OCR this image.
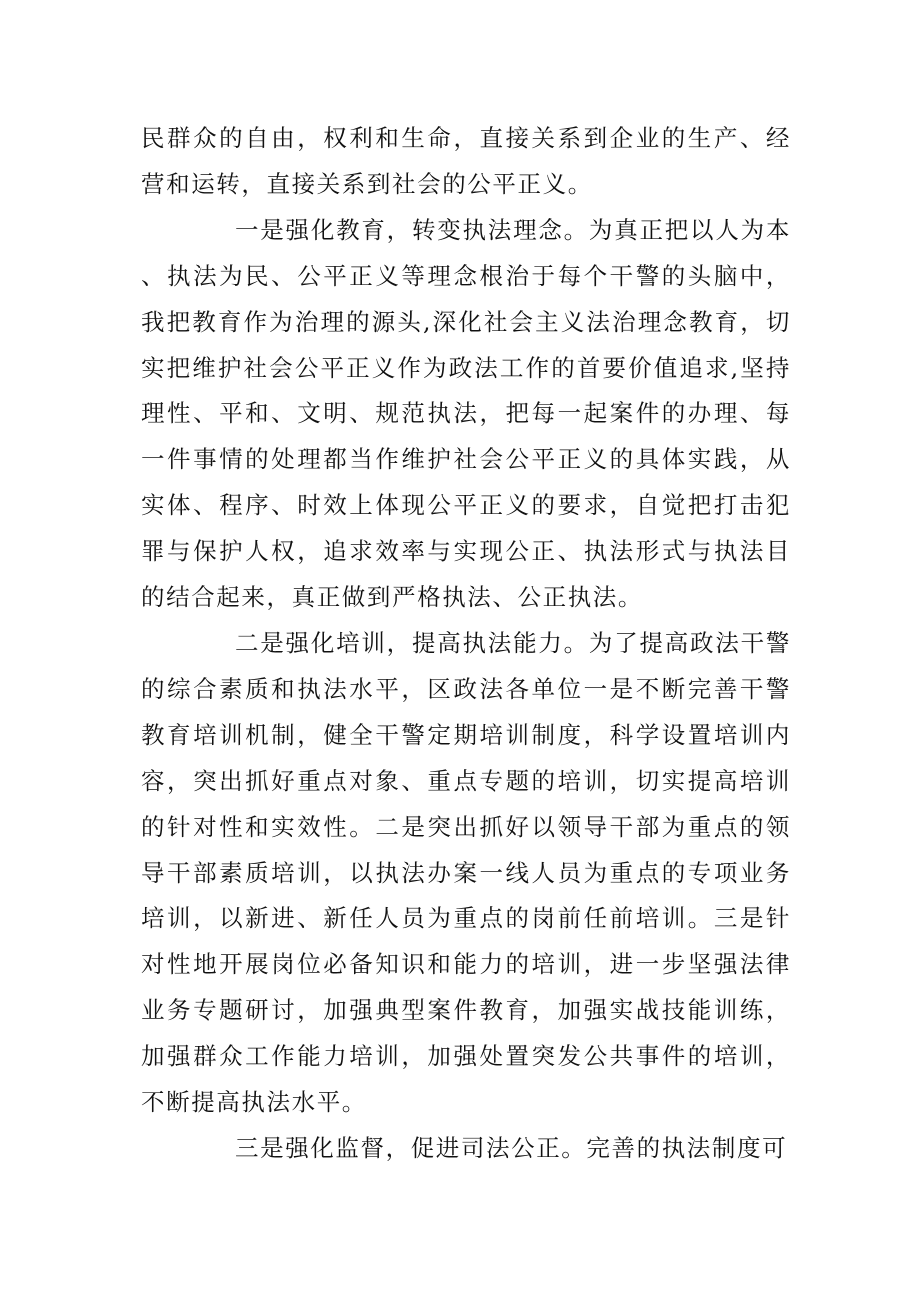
民群众的自由，权利和生命，直接关系到企业的生产、经营和运转，直接关系到社会的公平正义。

一是强化教育，转变执法理念。为真正把以人为本、执法为民、公平正义等理念根治于每个干警的头脑中，我把教育作为治理的源头,深化社会主义法治理念教育，切实把维护社会公平正义作为政法工作的首要价值追求,坚持理性、平和、文明、规范执法，把每一起案件的办理、每一件事情的处理都当作维护社会公平正义的具体实践，从实体、程序、时效上体现公平正义的要求，自觉把打击犯罪与保护人权，追求效率与实现公正、执法形式与执法目的结合起来，真正做到严格执法、公正执法。

二是强化培训，提高执法能力。为了提高政法干警的综合素质和执法水平，区政法各单位一是不断完善干警教育培训机制，健全干警定期培训制度，科学设置培训内容，突出抓好重点对象、重点专题的培训，切实提高培训的针对性和实效性。二是突出抓好以领导干部为重点的领导干部素质培训，以执法办案一线人员为重点的专项业务培训，以新进、新任人员为重点的岗前任前培训。三是针对性地开展岗位必备知识和能力的培训，进一步坚强法律业务专题研讨，加强典型案件教育，加强实战技能训练，加强群众工作能力培训，加强处置突发公共事件的培训，不断提高执法水平。

三是强化监督，促进司法公正。完善的执法制度可
